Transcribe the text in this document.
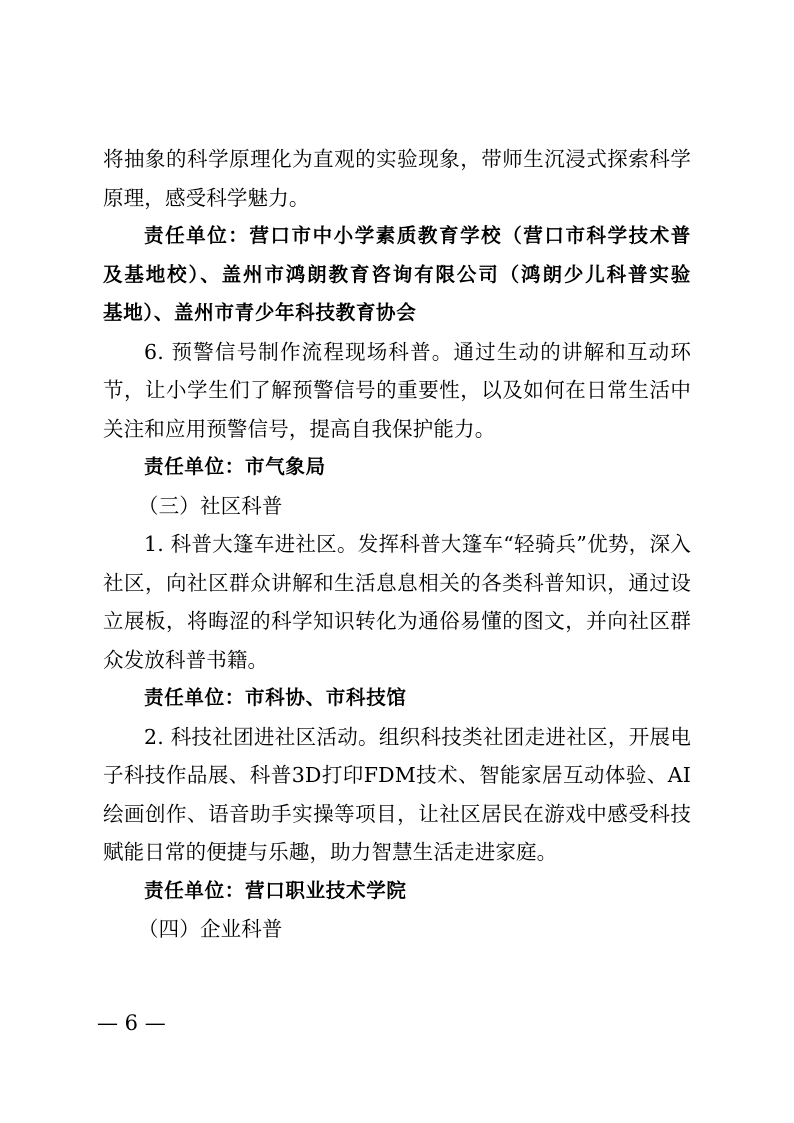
将抽象的科学原理化为直观的实验现象，带师生沉浸式探索科学
原理，感受科学魅力。
责任单位：营口市中小学素质教育学校（营口市科学技术普
及基地校）、盖州市鸿朗教育咨询有限公司（鸿朗少儿科普实验
基地）、盖州市青少年科技教育协会
6. 预警信号制作流程现场科普。通过生动的讲解和互动环
节，让小学生们了解预警信号的重要性，以及如何在日常生活中
关注和应用预警信号，提高自我保护能力。
责任单位：市气象局
（三）社区科普
1. 科普大篷车进社区。发挥科普大篷车“轻骑兵”优势，深入
社区，向社区群众讲解和生活息息相关的各类科普知识，通过设
立展板，将晦涩的科学知识转化为通俗易懂的图文，并向社区群
众发放科普书籍。
责任单位：市科协、市科技馆
2. 科技社团进社区活动。组织科技类社团走进社区，开展电
子科技作品展、科普3D打印FDM技术、智能家居互动体验、AI
绘画创作、语音助手实操等项目，让社区居民在游戏中感受科技
赋能日常的便捷与乐趣，助力智慧生活走进家庭。
责任单位：营口职业技术学院
（四）企业科普
— 6 —
